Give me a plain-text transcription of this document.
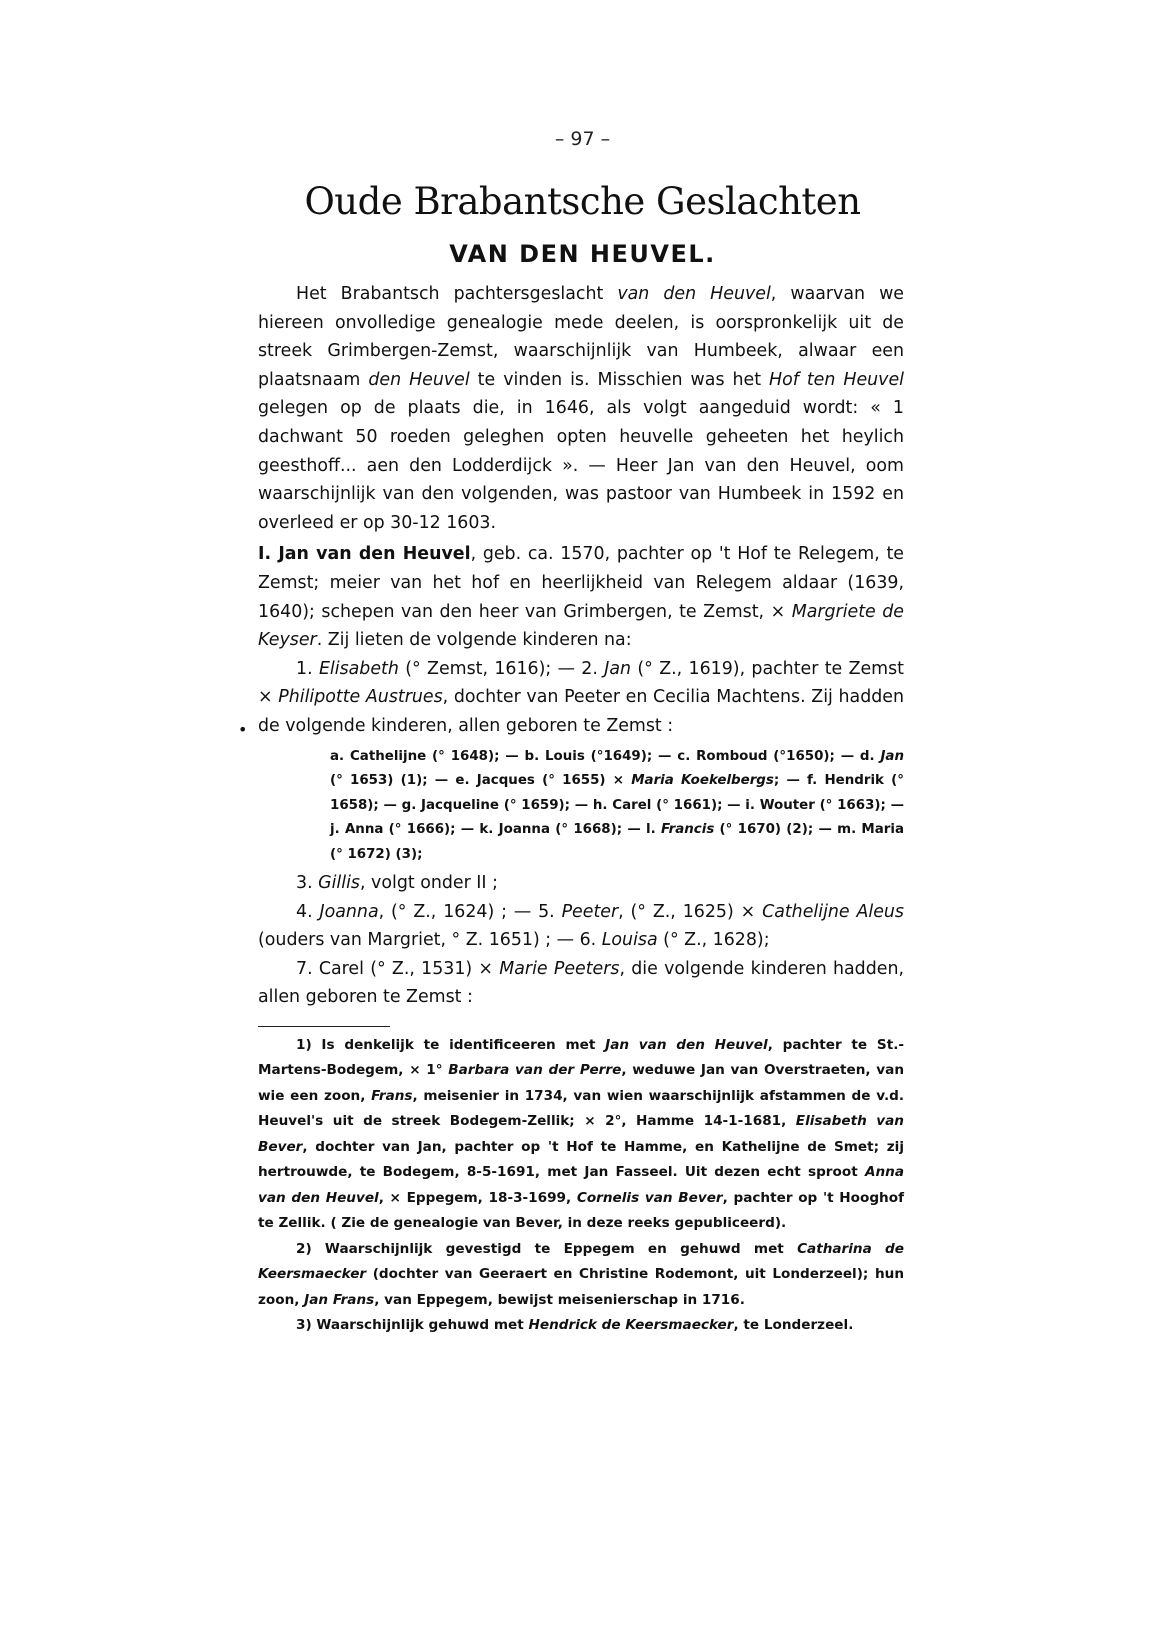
– 97 –
Oude Brabantsche Geslachten
VAN DEN HEUVEL.
•

Het Brabantsch pachtersgeslacht van den Heuvel, waarvan we hiereen onvolledige genealogie mede deelen, is oorspronkelijk uit de streek Grimbergen-Zemst, waarschijnlijk van Humbeek, alwaar een plaatsnaam den Heuvel te vinden is. Misschien was het Hof ten Heuvel gelegen op de plaats die, in 1646, als volgt aangeduid wordt: « 1 dachwant 50 roeden geleghen opten heuvelle geheeten het heylich geesthoff... aen den Lodderdijck ». — Heer Jan van den Heuvel, oom waarschijnlijk van den volgenden, was pastoor van Humbeek in 1592 en overleed er op 30-12 1603.

I. Jan van den Heuvel, geb. ca. 1570, pachter op 't Hof te Relegem, te Zemst; meier van het hof en heerlijkheid van Relegem aldaar (1639, 1640); schepen van den heer van Grimbergen, te Zemst, × Margriete de Keyser. Zij lieten de volgende kinderen na:

1. Elisabeth (° Zemst, 1616); — 2. Jan (° Z., 1619), pachter te Zemst × Philipotte Austrues, dochter van Peeter en Cecilia Machtens. Zij hadden de volgende kinderen, allen geboren te Zemst :

a. Cathelijne (° 1648); — b. Louis (°1649); — c. Romboud (°1650); — d. Jan (° 1653) (1); — e. Jacques (° 1655) × Maria Koekelbergs; — f. Hendrik (° 1658); — g. Jacqueline (° 1659); — h. Carel (° 1661); — i. Wouter (° 1663); — j. Anna (° 1666); — k. Joanna (° 1668); — l. Francis (° 1670) (2); — m. Maria (° 1672) (3);

3. Gillis, volgt onder II ;

4. Joanna, (° Z., 1624) ; — 5. Peeter, (° Z., 1625) × Cathelijne Aleus (ouders van Margriet, ° Z. 1651) ; — 6. Louisa (° Z., 1628);

7. Carel (° Z., 1531) × Marie Peeters, die volgende kinderen hadden, allen geboren te Zemst :

1) Is denkelijk te identificeeren met Jan van den Heuvel, pachter te St.-Martens-Bodegem, × 1° Barbara van der Perre, weduwe Jan van Overstraeten, van wie een zoon, Frans, meisenier in 1734, van wien waarschijnlijk afstammen de v.d. Heuvel's uit de streek Bodegem-Zellik; × 2°, Hamme 14-1-1681, Elisabeth van Bever, dochter van Jan, pachter op 't Hof te Hamme, en Kathelijne de Smet; zij hertrouwde, te Bodegem, 8-5-1691, met Jan Fasseel. Uit dezen echt sproot Anna van den Heuvel, × Eppegem, 18-3-1699, Cornelis van Bever, pachter op 't Hooghof te Zellik. ( Zie de genealogie van Bever, in deze reeks gepubliceerd).

2) Waarschijnlijk gevestigd te Eppegem en gehuwd met Catharina de Keersmaecker (dochter van Geeraert en Christine Rodemont, uit Londerzeel); hun zoon, Jan Frans, van Eppegem, bewijst meisenierschap in 1716.

3) Waarschijnlijk gehuwd met Hendrick de Keersmaecker, te Londerzeel.
